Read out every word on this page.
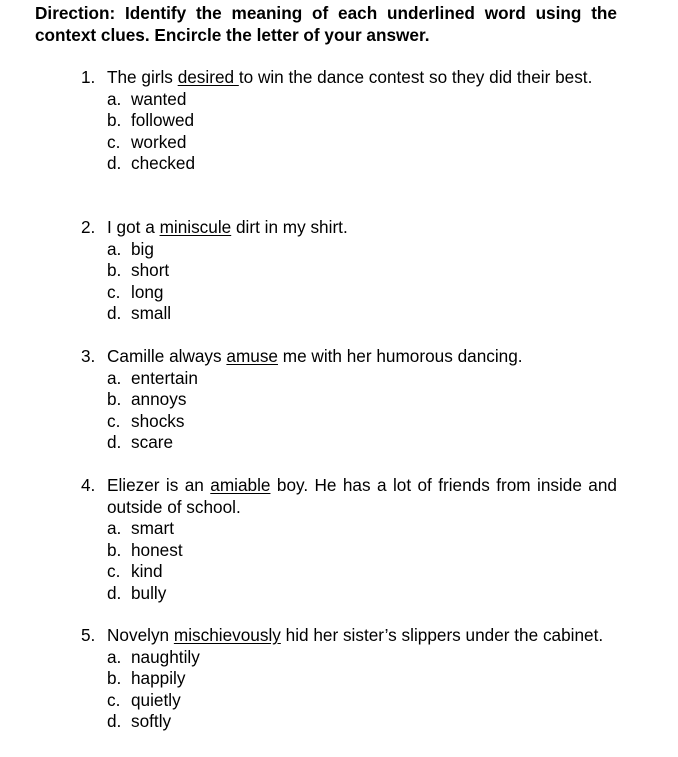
Direction: Identify the meaning of each underlined word using the context clues. Encircle the letter of your answer.
1. The girls desired to win the dance contest so they did their best.
a. wanted
b. followed
c. worked
d. checked
2. I got a miniscule dirt in my shirt.
a. big
b. short
c. long
d. small
3. Camille always amuse me with her humorous dancing.
a. entertain
b. annoys
c. shocks
d. scare
4. Eliezer is an amiable boy. He has a lot of friends from inside and outside of school.
a. smart
b. honest
c. kind
d. bully
5. Novelyn mischievously hid her sister’s slippers under the cabinet.
a. naughtily
b. happily
c. quietly
d. softly
